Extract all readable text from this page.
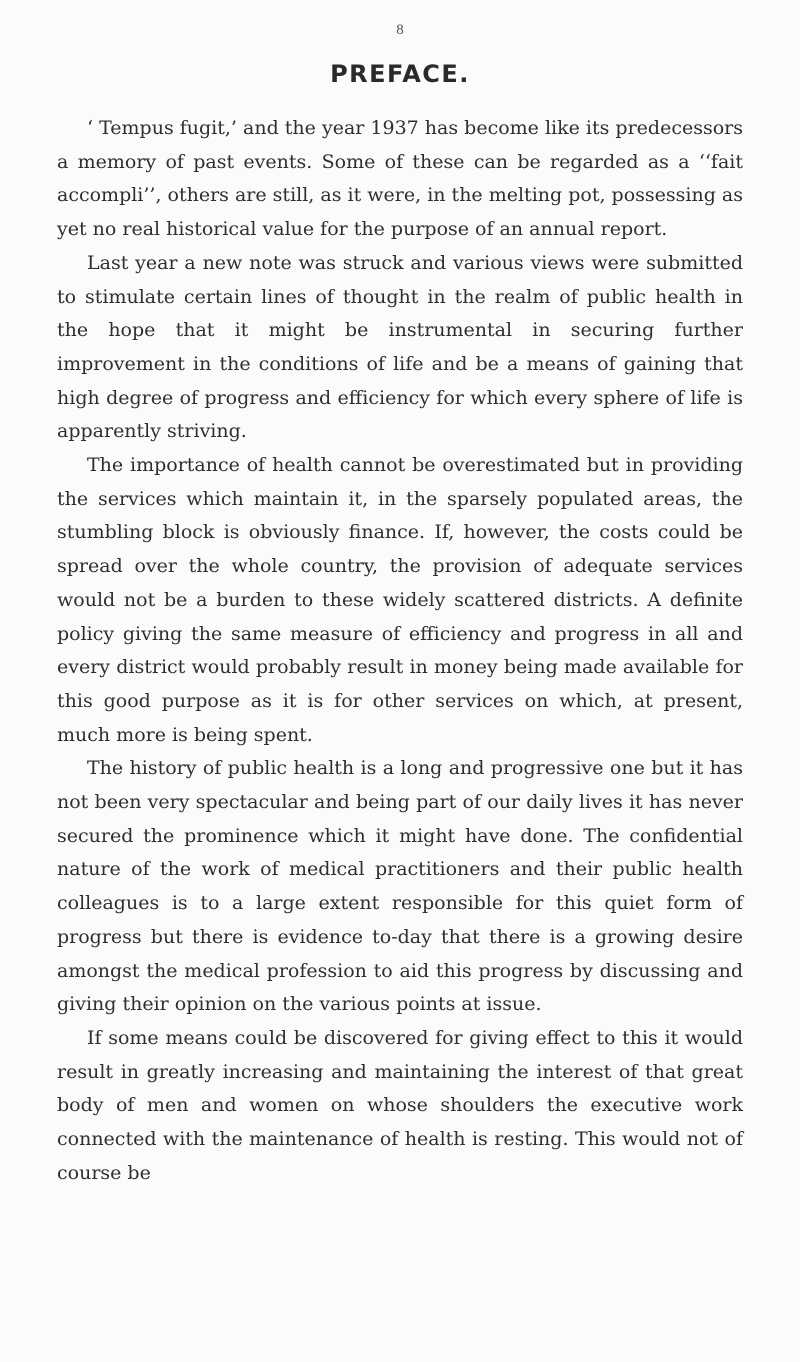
8
PREFACE.

‘ Tempus fugit,’ and the year 1937 has become like its predecessors a memory of past events. Some of these can be regarded as a ‘‘fait accompli’’, others are still, as it were, in the melting pot, possessing as yet no real historical value for the purpose of an annual report.

Last year a new note was struck and various views were submitted to stimulate certain lines of thought in the realm of public health in the hope that it might be instrumental in securing further improvement in the conditions of life and be a means of gaining that high degree of progress and efficiency for which every sphere of life is apparently striving.

The importance of health cannot be overestimated but in providing the services which maintain it, in the sparsely populated areas, the stumbling block is obviously finance. If, however, the costs could be spread over the whole country, the provision of adequate services would not be a burden to these widely scattered districts. A definite policy giving the same measure of efficiency and progress in all and every district would probably result in money being made available for this good purpose as it is for other services on which, at present, much more is being spent.

The history of public health is a long and progressive one but it has not been very spectacular and being part of our daily lives it has never secured the prominence which it might have done. The confidential nature of the work of medical practitioners and their public health colleagues is to a large extent responsible for this quiet form of progress but there is evidence to-day that there is a growing desire amongst the medical profession to aid this progress by discussing and giving their opinion on the various points at issue.

If some means could be discovered for giving effect to this it would result in greatly increasing and maintaining the interest of that great body of men and women on whose shoulders the executive work connected with the maintenance of health is resting. This would not of course be
